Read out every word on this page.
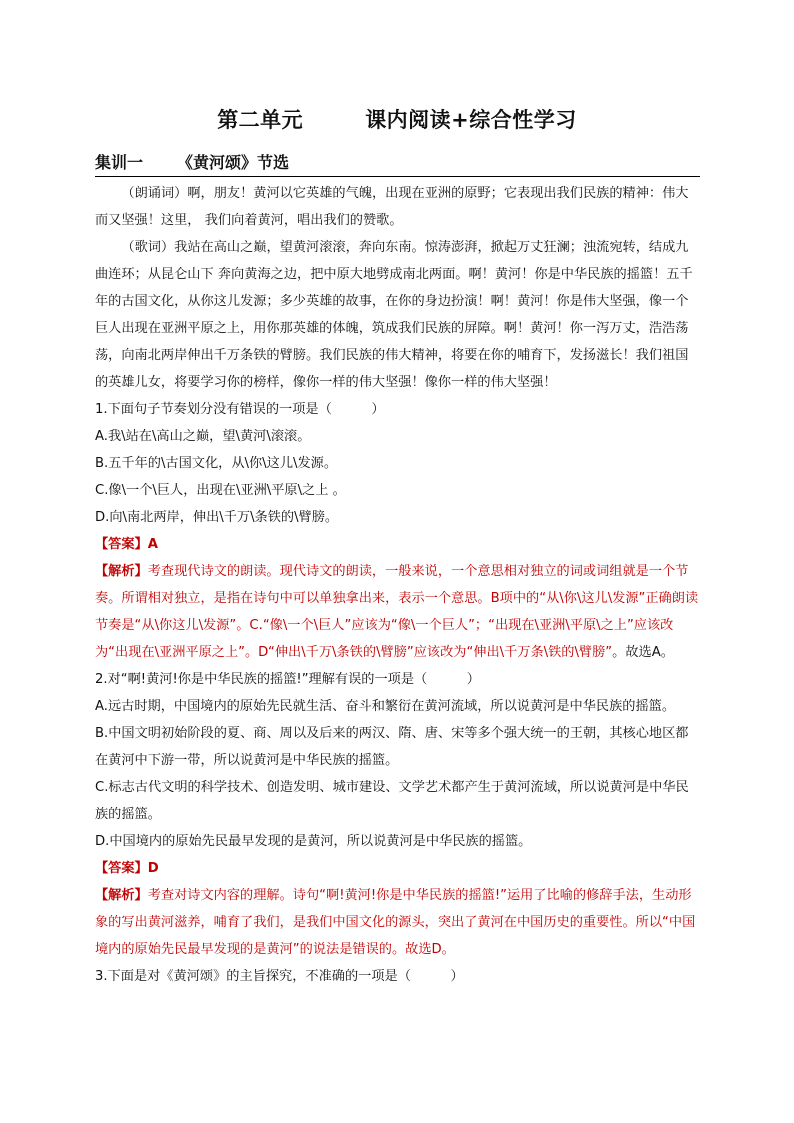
第二单元	课内阅读+综合性学习
集训一 《黄河颂》节选

（朗诵词）啊，朋友！黄河以它英雄的气魄，出现在亚洲的原野；它表现出我们民族的精神：伟大而又坚强！这里， 我们向着黄河，唱出我们的赞歌。

（歌词）我站在高山之巅，望黄河滚滚，奔向东南。惊涛澎湃，掀起万丈狂澜；浊流宛转，结成九曲连环；从昆仑山下 奔向黄海之边，把中原大地劈成南北两面。啊！黄河！你是中华民族的摇篮！五千年的古国文化，从你这儿发源；多少英雄的故事，在你的身边扮演！啊！黄河！你是伟大坚强，像一个巨人出现在亚洲平原之上，用你那英雄的体魄，筑成我们民族的屏障。啊！黄河！你一泻万丈，浩浩荡荡，向南北两岸伸出千万条铁的臂膀。我们民族的伟大精神，将要在你的哺育下，发扬滋长！我们祖国的英雄儿女，将要学习你的榜样，像你一样的伟大坚强！像你一样的伟大坚强！

1.下面句子节奏划分没有错误的一项是（　　　）

A.我\站在\高山之巅，望\黄河\滚滚。

B.五千年的\古国文化，从\你\这儿\发源。

C.像\一个\巨人，出现在\亚洲\平原\之上 。

D.向\南北两岸，伸出\千万\条铁的\臂膀。

【答案】A

【解析】考查现代诗文的朗读。现代诗文的朗读，一般来说，一个意思相对独立的词或词组就是一个节奏。所谓相对独立，是指在诗句中可以单独拿出来，表示一个意思。B项中的“从\你\这儿\发源”正确朗读节奏是“从\你这儿\发源”。C.“像\一个\巨人”应该为“像\一个巨人”；“出现在\亚洲\平原\之上”应该改为“出现在\亚洲平原之上”。D“伸出\千万\条铁的\臂膀”应该改为“伸出\千万条\铁的\臂膀”。故选A。

2.对“啊!黄河!你是中华民族的摇篮!”理解有误的一项是（　　　）

A.远古时期，中国境内的原始先民就生活、奋斗和繁衍在黄河流域，所以说黄河是中华民族的摇篮。

B.中国文明初始阶段的夏、商、周以及后来的两汉、隋、唐、宋等多个强大统一的王朝，其核心地区都在黄河中下游一带，所以说黄河是中华民族的摇篮。

C.标志古代文明的科学技术、创造发明、城市建设、文学艺术都产生于黄河流域，所以说黄河是中华民族的摇篮。

D.中国境内的原始先民最早发现的是黄河，所以说黄河是中华民族的摇篮。

【答案】D

【解析】考查对诗文内容的理解。诗句“啊!黄河!你是中华民族的摇篮!”运用了比喻的修辞手法，生动形象的写出黄河滋养，哺育了我们，是我们中国文化的源头，突出了黄河在中国历史的重要性。所以“中国境内的原始先民最早发现的是黄河”的说法是错误的。故选D。

3.下面是对《黄河颂》的主旨探究，不准确的一项是（　　　）
